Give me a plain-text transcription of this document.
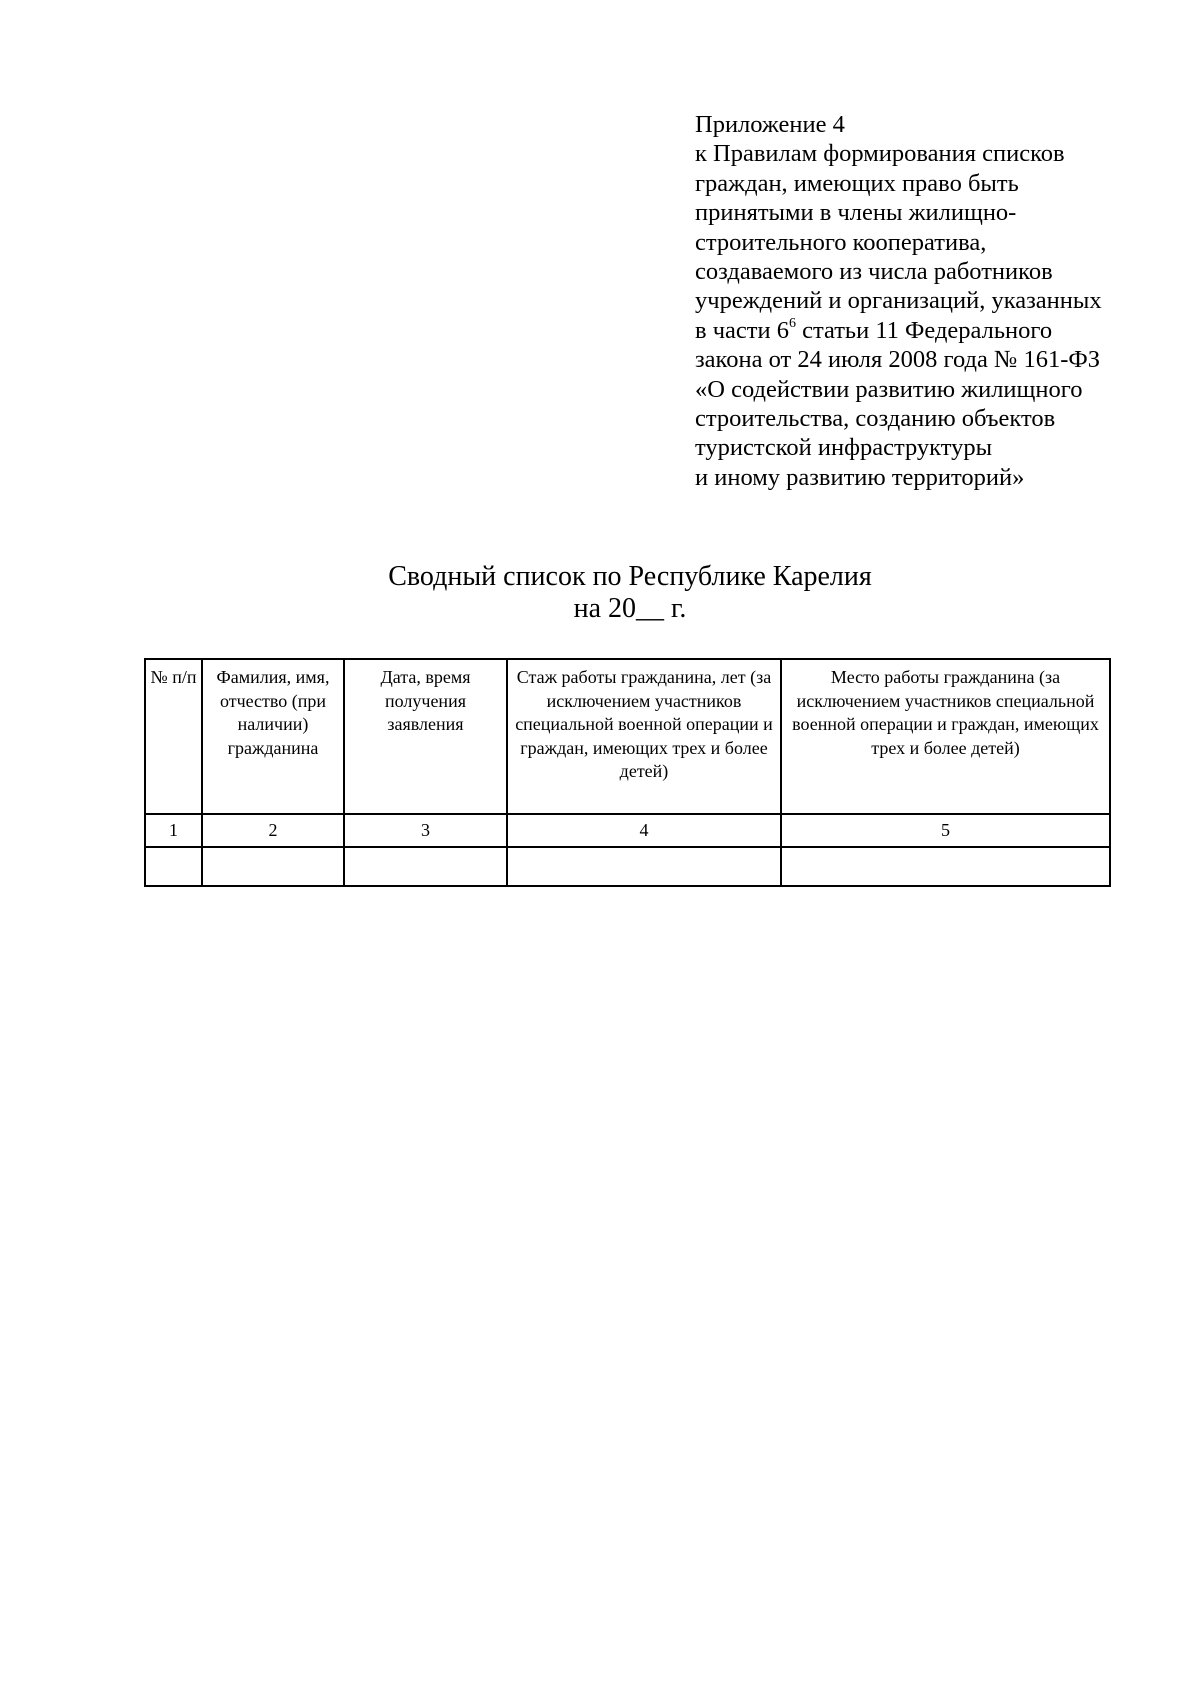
Приложение 4
к Правилам формирования списков
граждан, имеющих право быть
принятыми в члены жилищно-
строительного кооператива,
создаваемого из числа работников
учреждений и организаций, указанных
в части $6^6$ статьи 11 Федерального
закона от 24 июля 2008 года № 161-ФЗ
«О содействии развитию жилищного
строительства, созданию объектов
туристской инфраструктуры
и иному развитию территорий»
Сводный список по Республике Карелия
на 20__ г.
№ п/п	Фамилия, имя, отчество (при наличии) гражданина	Дата, время получения заявления	Стаж работы гражданина, лет (за исключением участников специальной военной операции и граждан, имеющих трех и более детей)	Место работы гражданина (за исключением участников специальной военной операции и граждан, имеющих трех и более детей)

1	2	3	4	5
